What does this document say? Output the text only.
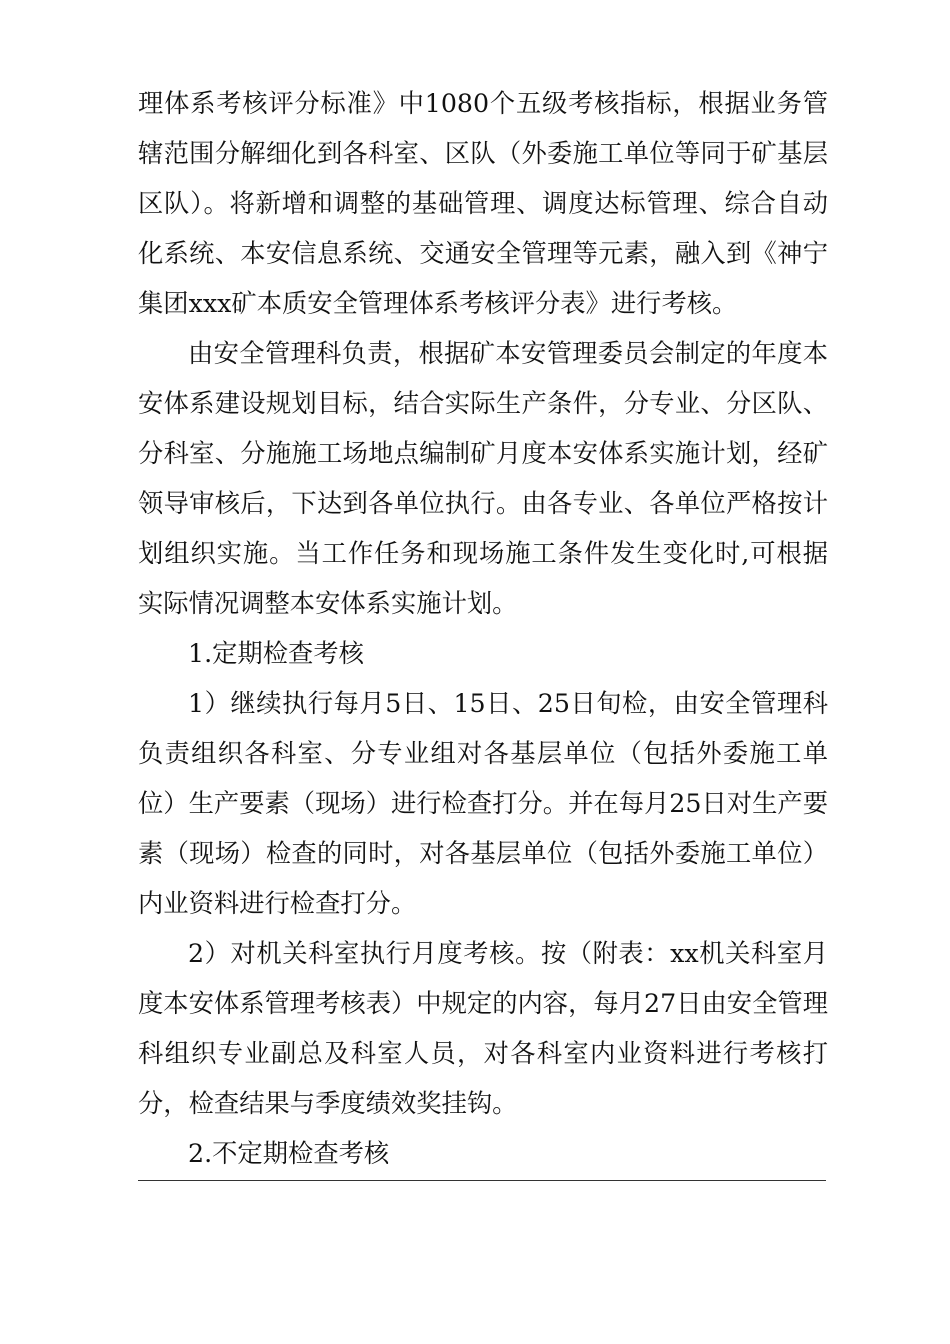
理体系考核评分标准》中1080个五级考核指标，根据业务管辖范围分解细化到各科室、区队（外委施工单位等同于矿基层区队）。将新增和调整的基础管理、调度达标管理、综合自动化系统、本安信息系统、交通安全管理等元素，融入到《神宁集团xxx矿本质安全管理体系考核评分表》进行考核。

由安全管理科负责，根据矿本安管理委员会制定的年度本安体系建设规划目标，结合实际生产条件，分专业、分区队、分科室、分施施工场地点编制矿月度本安体系实施计划，经矿领导审核后，下达到各单位执行。由各专业、各单位严格按计划组织实施。当工作任务和现场施工条件发生变化时,可根据实际情况调整本安体系实施计划。

1.定期检查考核

1）继续执行每月5日、15日、25日旬检，由安全管理科负责组织各科室、分专业组对各基层单位（包括外委施工单位）生产要素（现场）进行检查打分。并在每月25日对生产要素（现场）检查的同时，对各基层单位（包括外委施工单位）内业资料进行检查打分。

2）对机关科室执行月度考核。按（附表：xx机关科室月度本安体系管理考核表）中规定的内容，每月27日由安全管理科组织专业副总及科室人员，对各科室内业资料进行考核打分，检查结果与季度绩效奖挂钩。

2.不定期检查考核
